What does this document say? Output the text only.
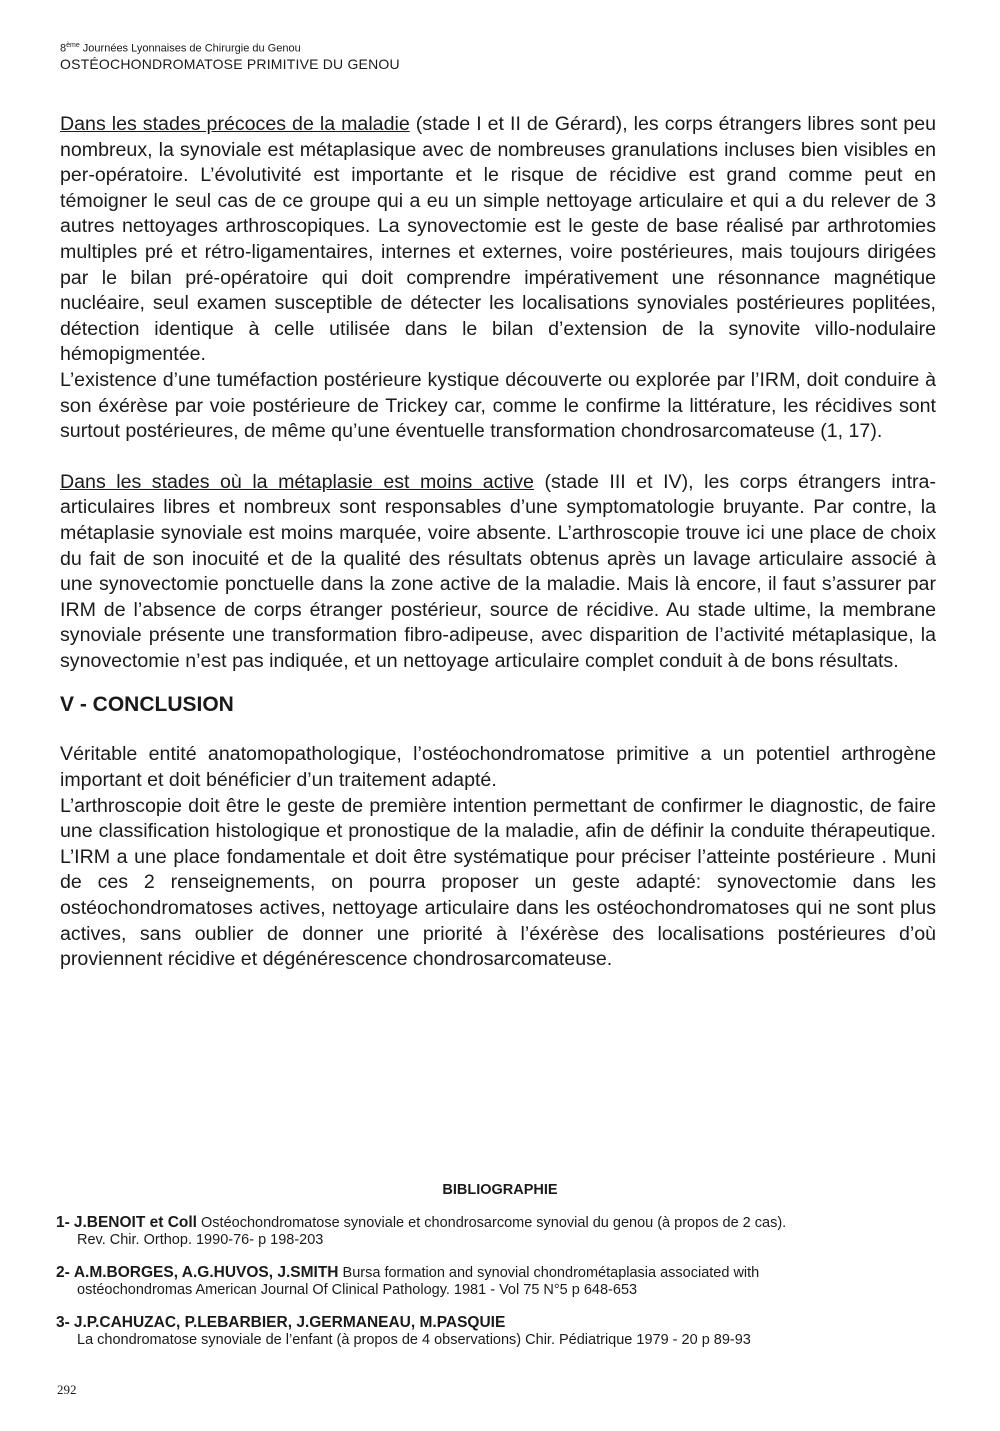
8ème Journées Lyonnaises de Chirurgie du Genou
OSTÉOCHONDROMATOSE PRIMITIVE DU GENOU

Dans les stades précoces de la maladie (stade I et II de Gérard), les corps étrangers libres sont peu nombreux, la synoviale est métaplasique avec de nombreuses granulations incluses bien visibles en per-opératoire. L’évolutivité est importante et le risque de récidive est grand comme peut en témoigner le seul cas de ce groupe qui a eu un simple nettoyage articulaire et qui a du relever de 3 autres nettoyages arthroscopiques. La synovectomie est le geste de base réalisé par arthrotomies multiples pré et rétro-ligamentaires, internes et externes, voire postérieures, mais toujours dirigées par le bilan pré-opératoire qui doit comprendre impérativement une résonnance magnétique nucléaire, seul examen susceptible de détecter les localisations synoviales postérieures poplitées, détection identique à celle utilisée dans le bilan d’extension de la synovite villo-nodulaire hémopigmentée.

L’existence d’une tuméfaction postérieure kystique découverte ou explorée par l’IRM, doit conduire à son éxérèse par voie postérieure de Trickey car, comme le confirme la littérature, les récidives sont surtout postérieures, de même qu’une éventuelle transformation chondrosarcomateuse (1, 17).

Dans les stades où la métaplasie est moins active (stade III et IV), les corps étrangers intra-articulaires libres et nombreux sont responsables d’une symptomatologie bruyante. Par contre, la métaplasie synoviale est moins marquée, voire absente. L’arthroscopie trouve ici une place de choix du fait de son inocuité et de la qualité des résultats obtenus après un lavage articulaire associé à une synovectomie ponctuelle dans la zone active de la maladie. Mais là encore, il faut s’assurer par IRM de l’absence de corps étranger postérieur, source de récidive. Au stade ultime, la membrane synoviale présente une transformation fibro-adipeuse, avec disparition de l’activité métaplasique, la synovectomie n’est pas indiquée, et un nettoyage articulaire complet conduit à de bons résultats.

V - CONCLUSION

Véritable entité anatomopathologique, l’ostéochondromatose primitive a un potentiel arthrogène important et doit bénéficier d’un traitement adapté.

L’arthroscopie doit être le geste de première intention permettant de confirmer le diagnostic, de faire une classification histologique et pronostique de la maladie, afin de définir la conduite thérapeutique. L’IRM a une place fondamentale et doit être systématique pour préciser l’atteinte postérieure . Muni de ces 2 renseignements, on pourra proposer un geste adapté: synovectomie dans les ostéochondromatoses actives, nettoyage articulaire dans les ostéochondromatoses qui ne sont plus actives, sans oublier de donner une priorité à l’éxérèse des localisations postérieures d’où proviennent récidive et dégénérescence chondrosarcomateuse.

BIBLIOGRAPHIE
1- J.BENOIT et Coll Ostéochondromatose synoviale et chondrosarcome synovial du genou (à propos de 2 cas).
Rev. Chir. Orthop. 1990-76- p 198-203
2- A.M.BORGES, A.G.HUVOS, J.SMITH Bursa formation and synovial chondrométaplasia associated with
ostéochondromas American Journal Of Clinical Pathology. 1981 - Vol 75 N°5 p 648-653
3- J.P.CAHUZAC, P.LEBARBIER, J.GERMANEAU, M.PASQUIE
La chondromatose synoviale de l’enfant (à propos de 4 observations) Chir. Pédiatrique 1979 - 20 p 89-93
292
